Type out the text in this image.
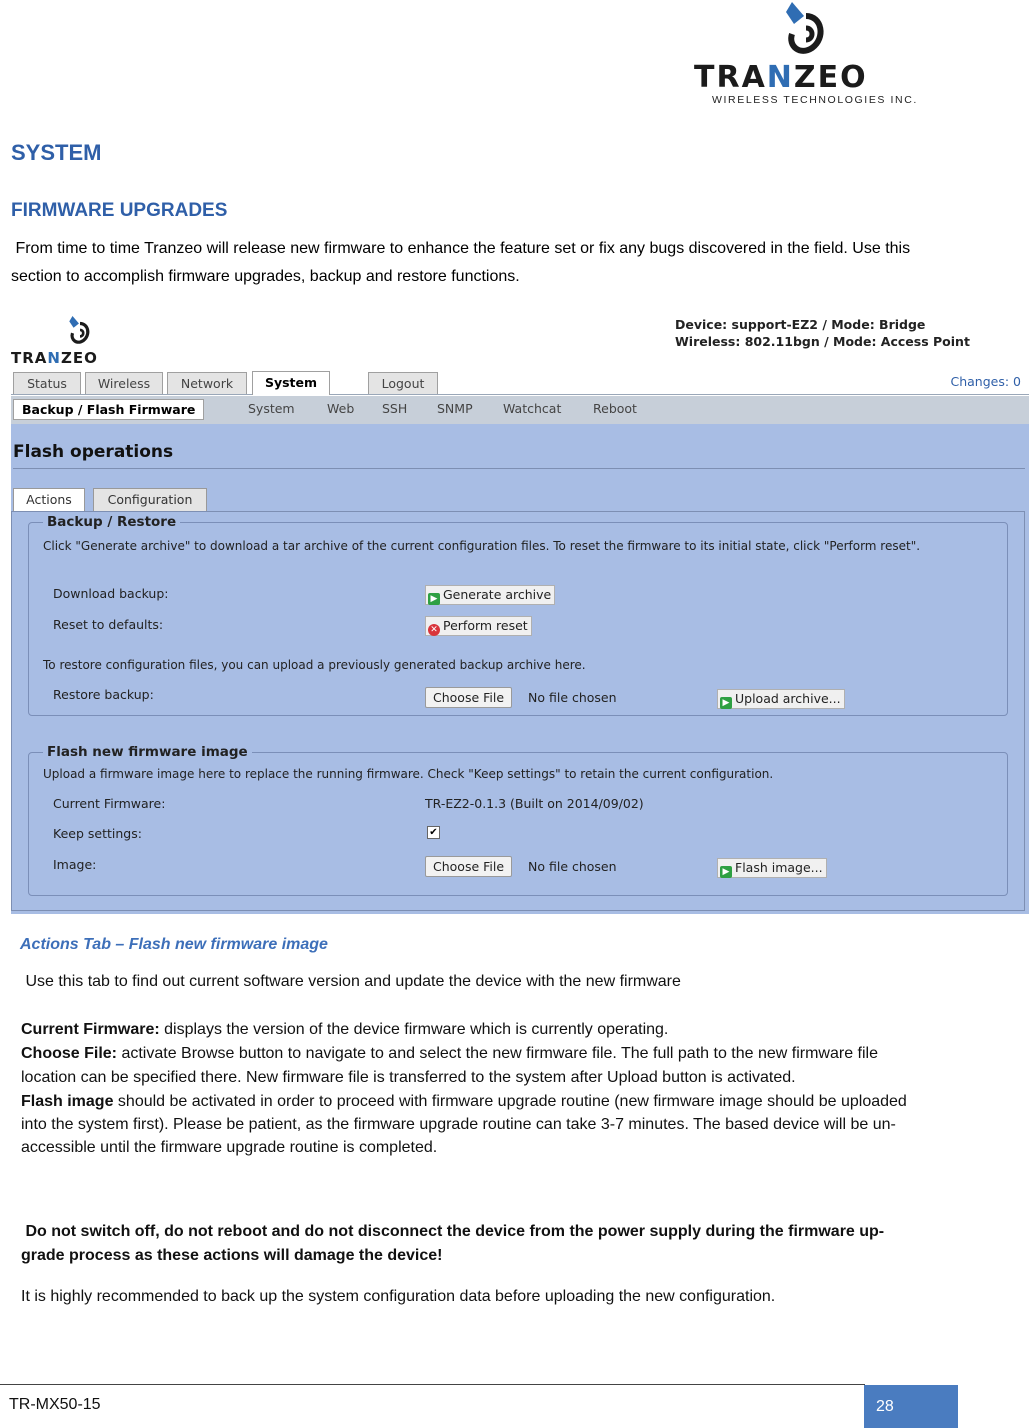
TRANZEO
WIRELESS TECHNOLOGIES INC.
SYSTEM
FIRMWARE UPGRADES
From time to time Tranzeo will release new firmware to enhance the feature set or fix any bugs discovered in the field. Use this section to accomplish firmware upgrades, backup and restore functions.
TRANZEO
Device: support-EZ2 / Mode: Bridge
Wireless: 802.11bgn / Mode: Access Point
Status	Wireless	Network	System	Logout	Changes: 0
Backup / Flash Firmware	System	Web SSH SNMP Watchcat	Reboot
Flash operations
Actions	Configuration
Backup / Restore
Click "Generate archive" to download a tar archive of the current configuration files. To reset the firmware to its initial state, click "Perform reset".
Download backup:	▶ Generate archive
Reset to defaults:	✕ Perform reset
To restore configuration files, you can upload a previously generated backup archive here.
Restore backup:	Choose File	No file chosen	▶ Upload archive...
Flash new firmware image
Upload a firmware image here to replace the running firmware. Check "Keep settings" to retain the current configuration.
Current Firmware:	TR-EZ2-0.1.3 (Built on 2014/09/02)
Keep settings:	✔
Image:	Choose File	No file chosen	▶ Flash image...
Actions Tab – Flash new firmware image
Use this tab to find out current software version and update the device with the new firmware
Current Firmware: displays the version of the device firmware which is currently operating.
Choose File: activate Browse button to navigate to and select the new firmware file. The full path to the new firmware file location can be specified there. New firmware file is transferred to the system after Upload button is activated.
Flash image should be activated in order to proceed with firmware upgrade routine (new firmware image should be uploaded into the system first). Please be patient, as the firmware upgrade routine can take 3-7 minutes. The based device will be un-accessible until the firmware upgrade routine is completed.
Do not switch off, do not reboot and do not disconnect the device from the power supply during the firmware up- grade process as these actions will damage the device!
It is highly recommended to back up the system configuration data before uploading the new configuration.
TR-MX50-15	28
